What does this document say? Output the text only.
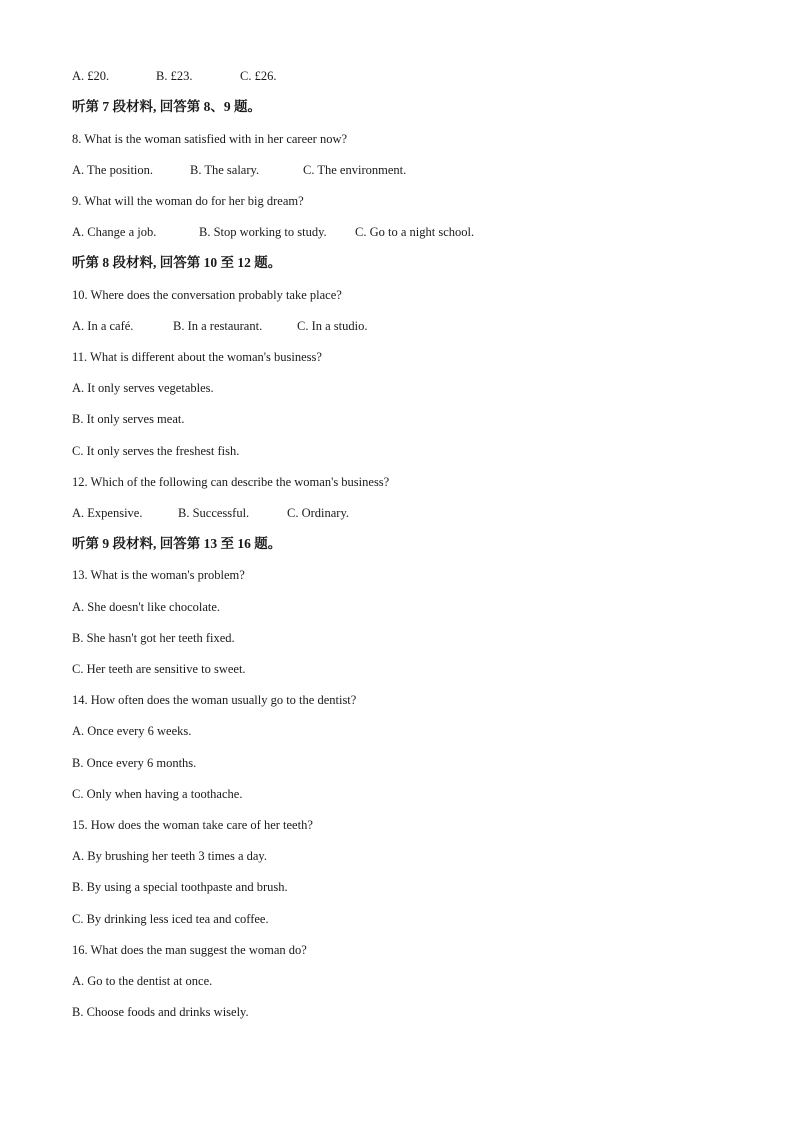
A. £20.	B. £23.	C. £26.
听第 7 段材料, 回答第 8、9 题。
8. What is the woman satisfied with in her career now?
A. The position.	B. The salary.	C. The environment.
9. What will the woman do for her big dream?
A. Change a job.	B. Stop working to study. C. Go to a night school.
听第 8 段材料, 回答第 10 至 12 题。
10. Where does the conversation probably take place?
A. In a café.	B. In a restaurant.	C. In a studio.
11. What is different about the woman's business?
A. It only serves vegetables.
B. It only serves meat.
C. It only serves the freshest fish.
12. Which of the following can describe the woman's business?
A. Expensive.	B. Successful.	C. Ordinary.
听第 9 段材料, 回答第 13 至 16 题。
13. What is the woman's problem?
A. She doesn't like chocolate.
B. She hasn't got her teeth fixed.
C. Her teeth are sensitive to sweet.
14. How often does the woman usually go to the dentist?
A. Once every 6 weeks.
B. Once every 6 months.
C. Only when having a toothache.
15. How does the woman take care of her teeth?
A. By brushing her teeth 3 times a day.
B. By using a special toothpaste and brush.
C. By drinking less iced tea and coffee.
16. What does the man suggest the woman do?
A. Go to the dentist at once.
B. Choose foods and drinks wisely.
